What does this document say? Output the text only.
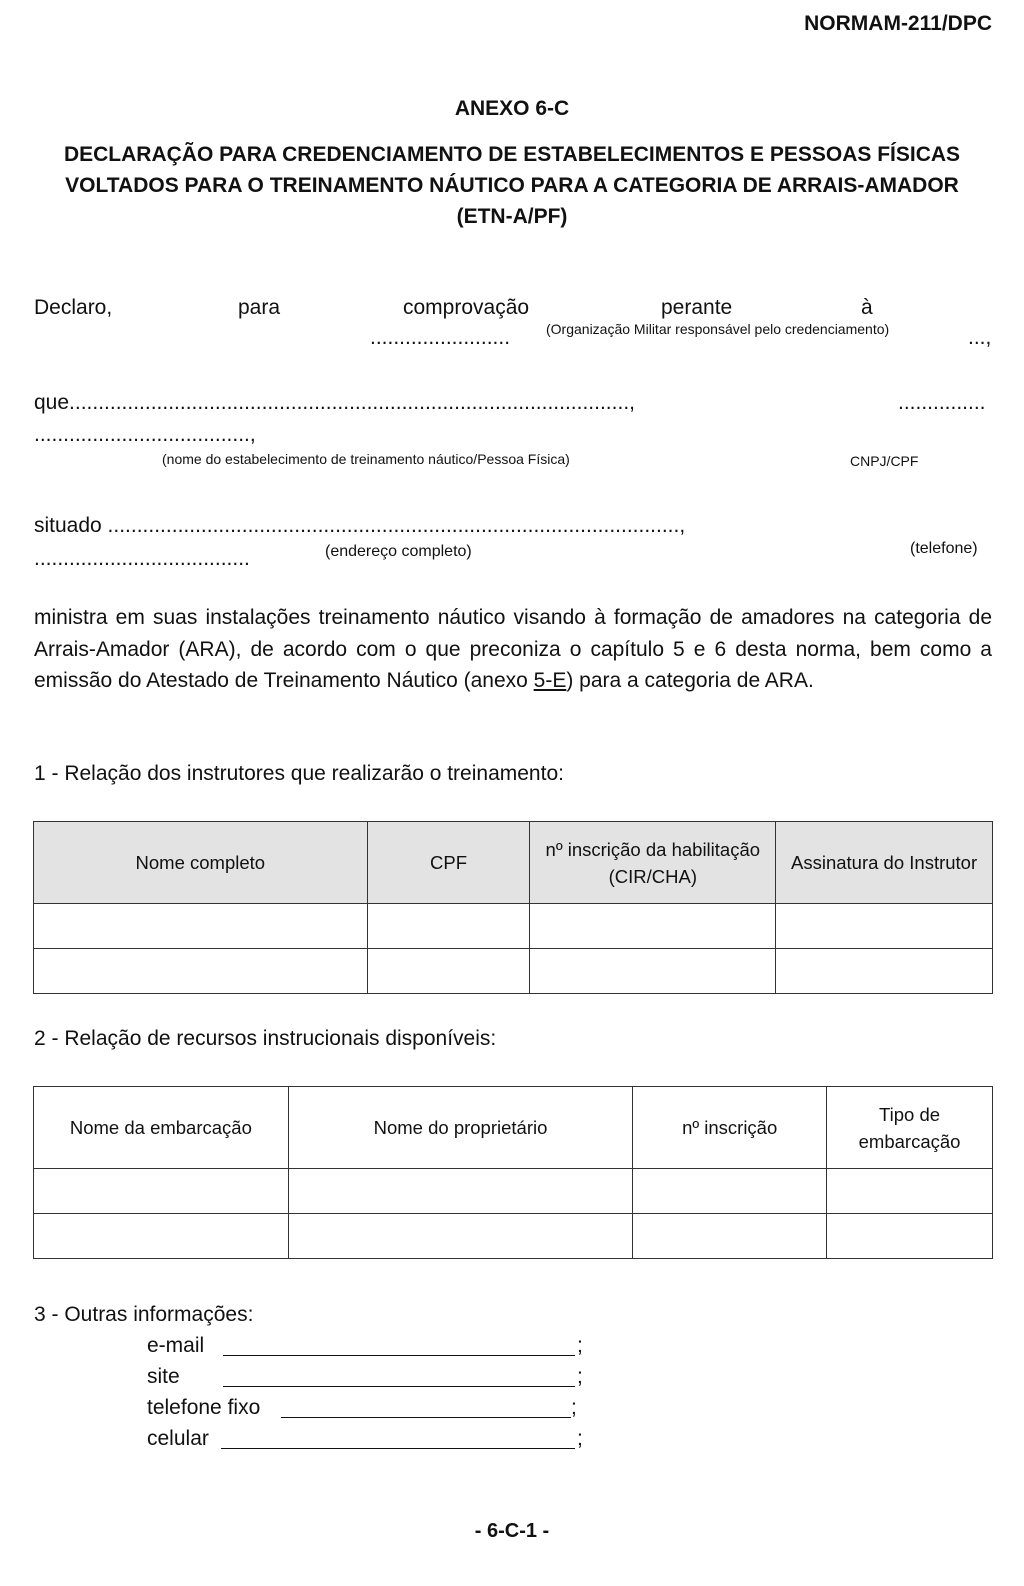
NORMAM-211/DPC
ANEXO 6-C
DECLARAÇÃO PARA CREDENCIAMENTO DE ESTABELECIMENTOS E PESSOAS FÍSICAS
VOLTADOS PARA O TREINAMENTO NÁUTICO PARA A CATEGORIA DE ARRAIS-AMADOR
(ETN-A/PF)
Declaro,	para	comprovação	perante	à
(Organização Militar responsável pelo credenciamento)
........................	...,
que................................................................................................,	...............
.....................................,
(nome do estabelecimento de treinamento náutico/Pessoa Física)	CNPJ/CPF
situado ..................................................................................................,
.....................................	(endereço completo)	(telefone)
ministra em suas instalações treinamento náutico visando à formação de amadores na categoria de Arrais-Amador (ARA), de acordo com o que preconiza o capítulo 5 e 6 desta norma, bem como a emissão do Atestado de Treinamento Náutico (anexo 5-E) para a categoria de ARA.
1 - Relação dos instrutores que realizarão o treinamento:
Nome completo	CPF	nº inscrição da habilitação (CIR/CHA)	Assinatura do Instrutor

2 - Relação de recursos instrucionais disponíveis:
Nome da embarcação	Nome do proprietário	nº inscrição	Tipo de embarcação

3 - Outras informações:
e-mail	;
site	;
telefone fixo	;
celular	;
- 6-C-1 -
